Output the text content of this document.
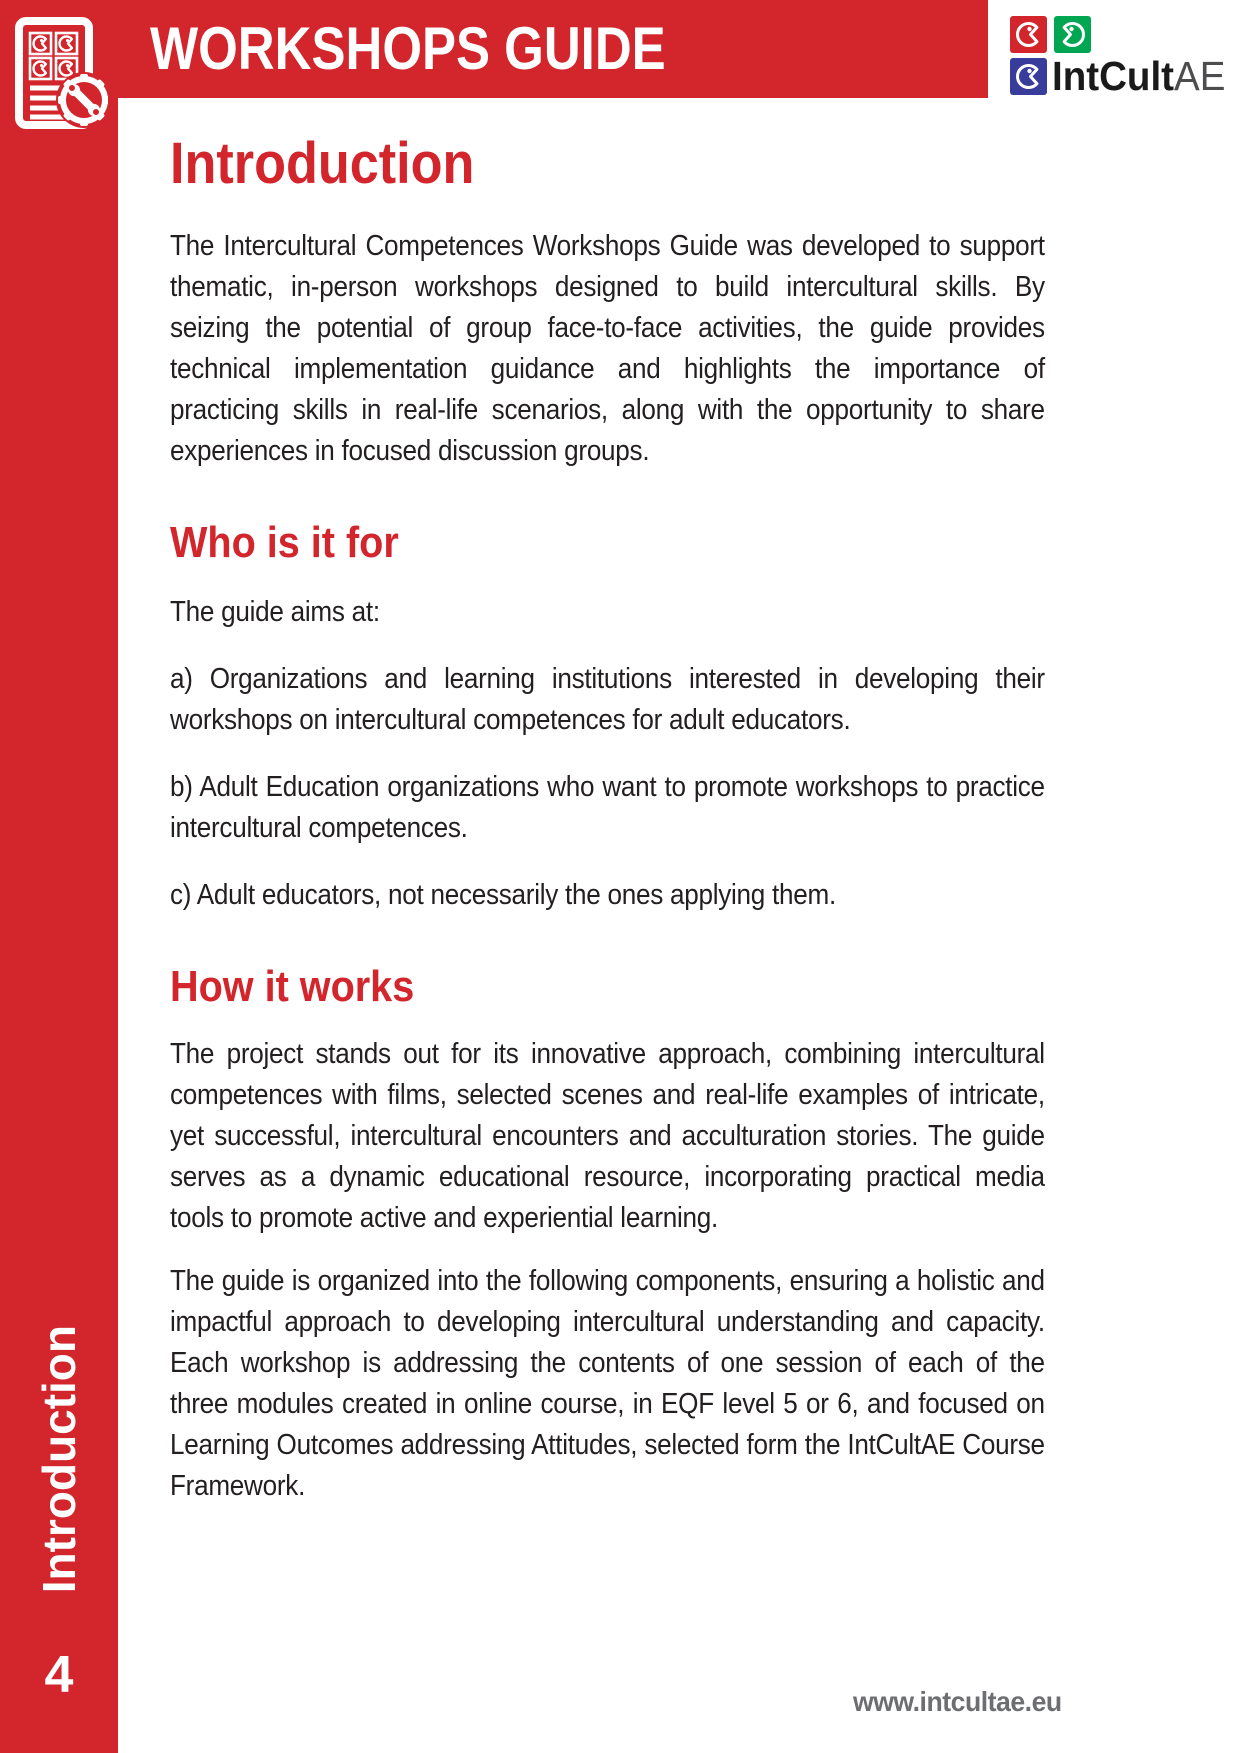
Introduction
4
WORKSHOPS GUIDE	IntCultAE
Introduction

The Intercultural Competences Workshops Guide was developed to support thematic, in-person workshops designed to build intercultural skills. By seizing the potential of group face-to-face activities, the guide provides technical implementation guidance and highlights the importance of practicing skills in real-life scenarios, along with the opportunity to share experiences in focused discussion groups.

Who is it for

The guide aims at:

a) Organizations and learning institutions interested in developing their workshops on intercultural competences for adult educators.

b) Adult Education organizations who want to promote workshops to practice intercultural competences.

c) Adult educators, not necessarily the ones applying them.

How it works

The project stands out for its innovative approach, combining intercultural competences with films, selected scenes and real-life examples of intricate, yet successful, intercultural encounters and acculturation stories. The guide serves as a dynamic educational resource, incorporating practical media tools to promote active and experiential learning.

The guide is organized into the following components, ensuring a holistic and impactful approach to developing intercultural understanding and capacity. Each workshop is addressing the contents of one session of each of the three modules created in online course, in EQF level 5 or 6, and focused on Learning Outcomes addressing Attitudes, selected form the IntCultAE Course Framework.

www.intcultae.eu
